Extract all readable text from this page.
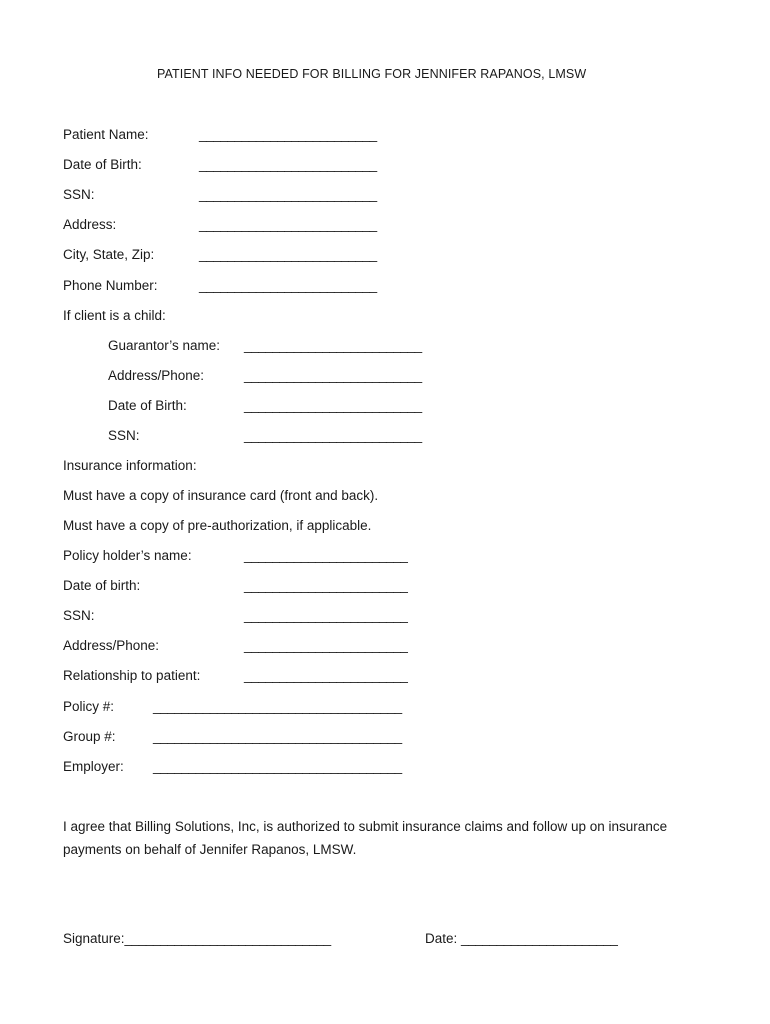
PATIENT INFO NEEDED FOR BILLING FOR JENNIFER RAPANOS, LMSW
Patient Name:	_________________________
Date of Birth:	_________________________
SSN:	_________________________
Address:	_________________________
City, State, Zip:	_________________________
Phone Number:	_________________________
If client is a child:
Guarantor’s name: _________________________
Address/Phone:	_________________________
Date of Birth:	_________________________
SSN:	_________________________
Insurance information:
Must have a copy of insurance card (front and back).
Must have a copy of pre-authorization, if applicable.
Policy holder’s name:	_______________________
Date of birth:	_______________________
SSN:	_______________________
Address/Phone:	_______________________
Relationship to patient:	_______________________
Policy #:	___________________________________
Group #:	___________________________________
Employer: ___________________________________
I agree that Billing Solutions, Inc, is authorized to submit insurance claims and follow up on insurance
payments on behalf of Jennifer Rapanos, LMSW.
Signature:_____________________________	Date: ______________________
